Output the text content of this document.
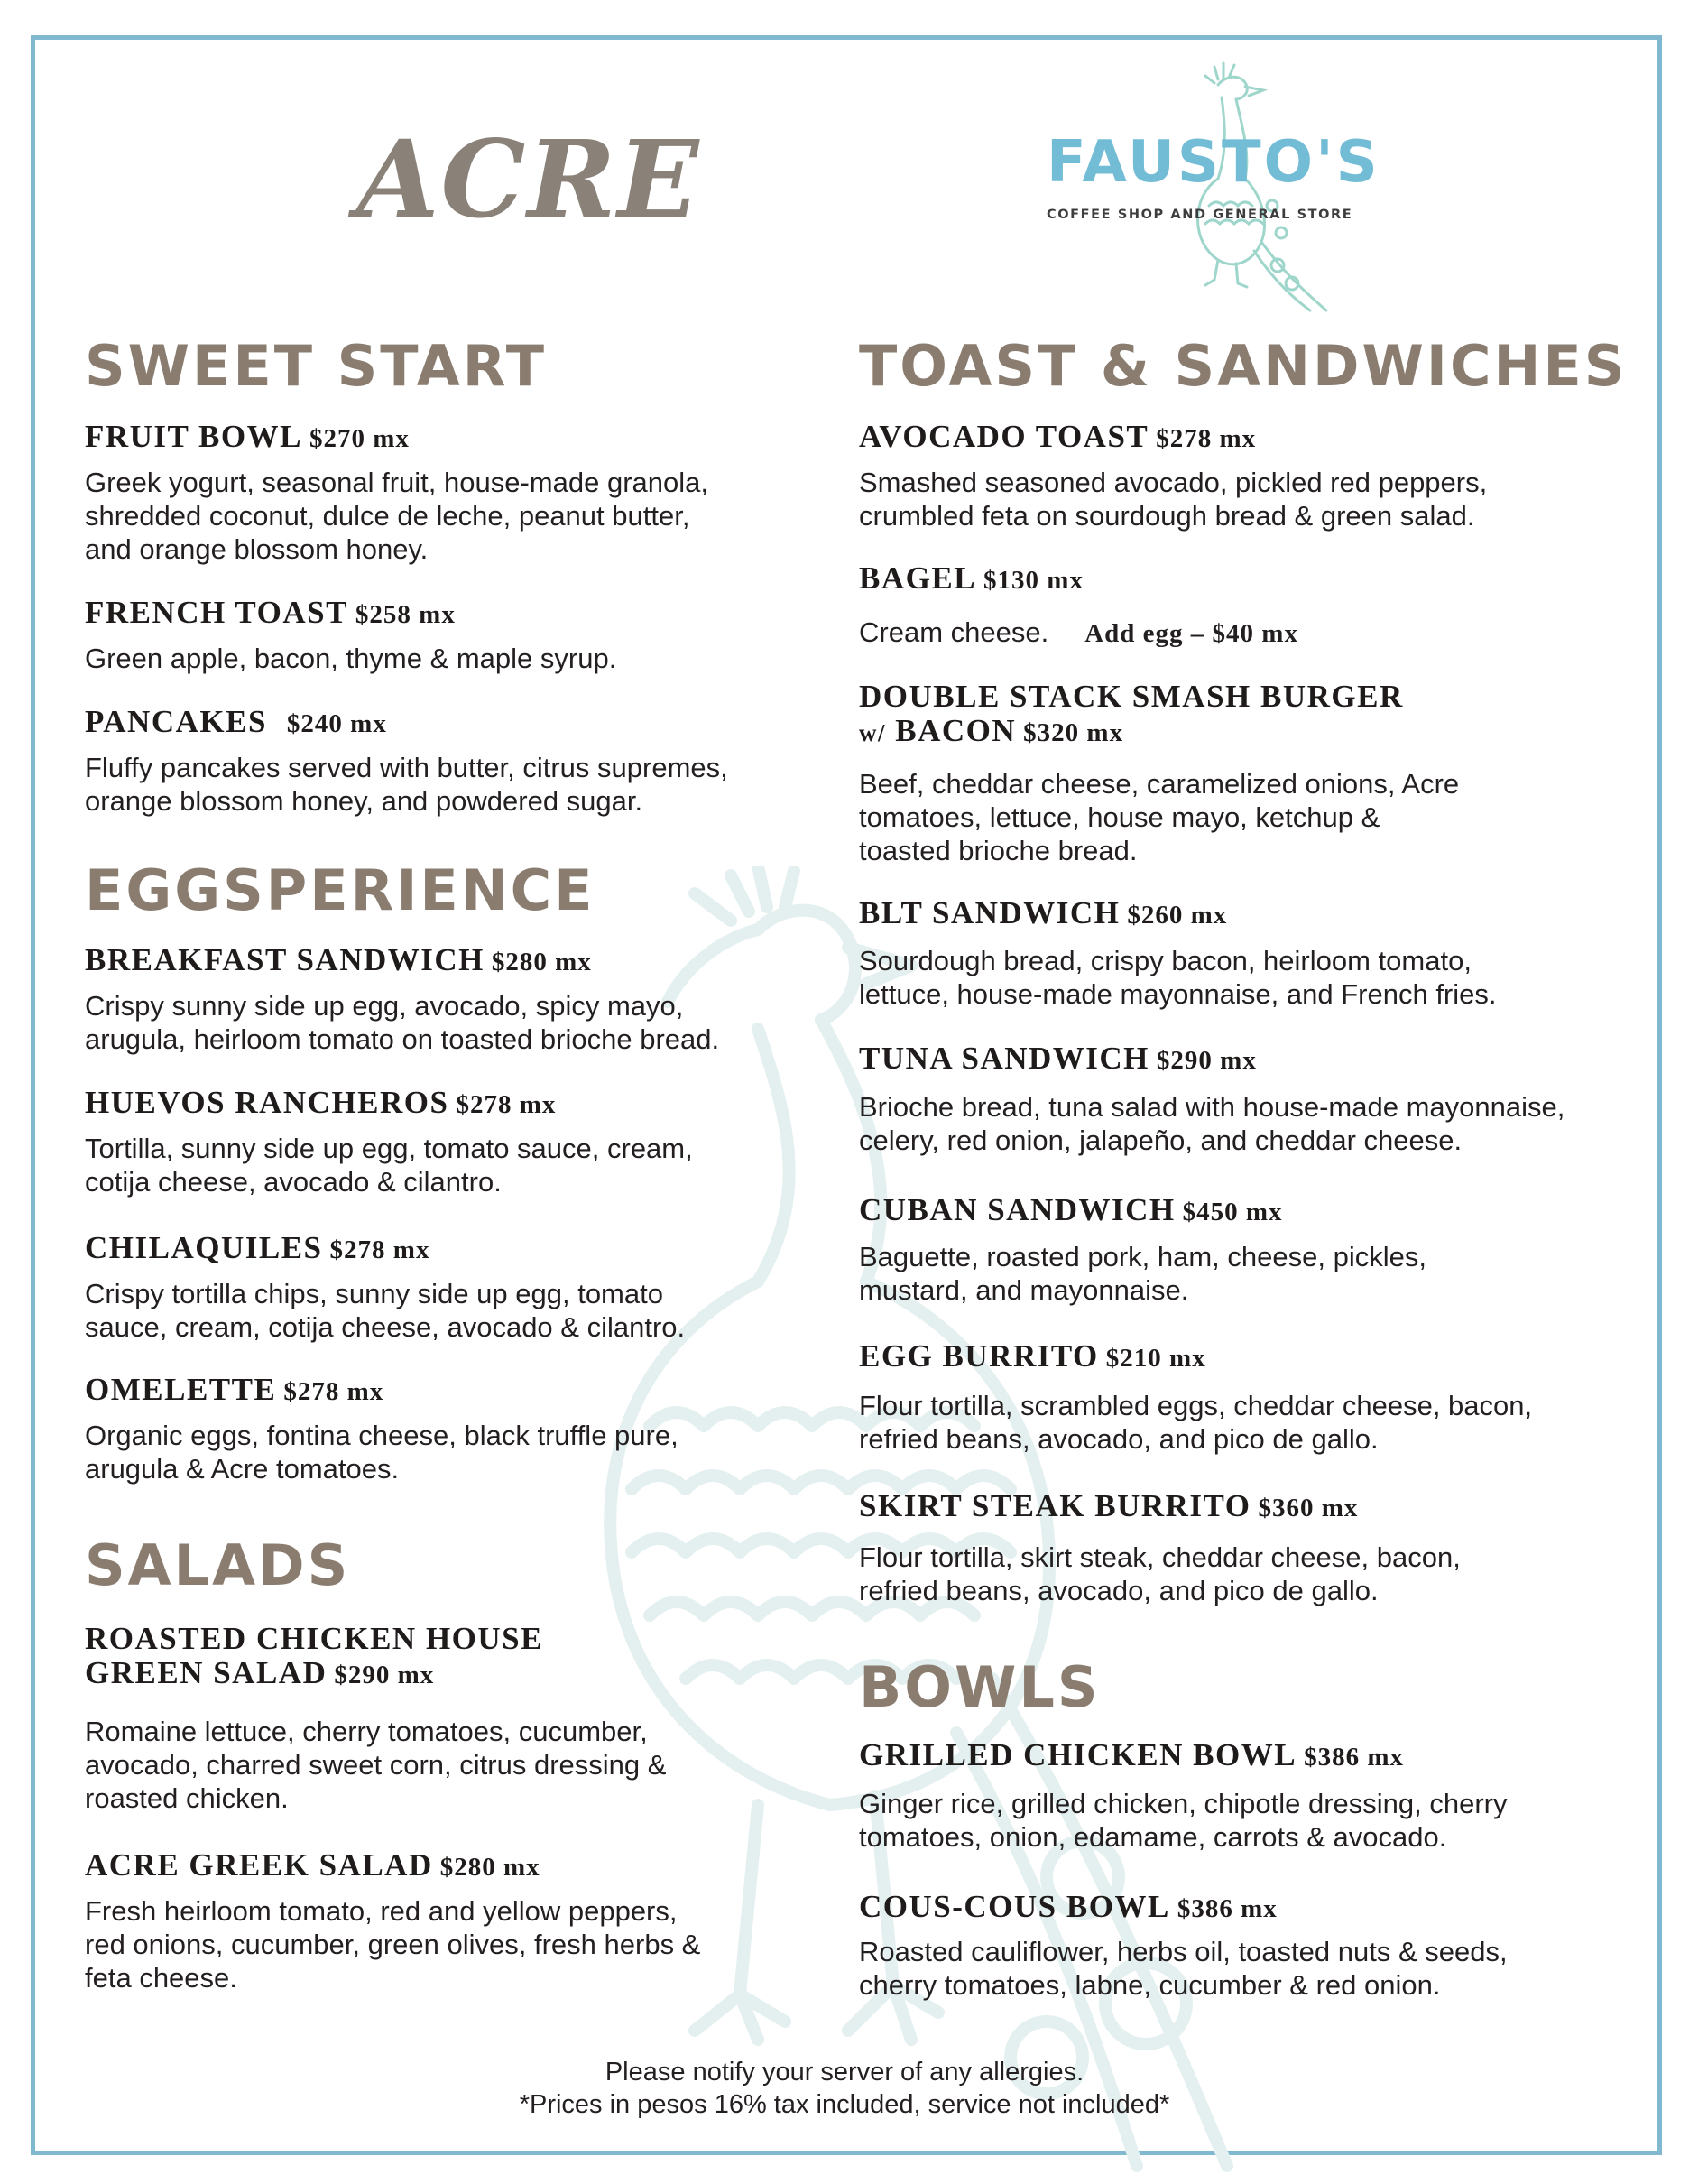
ACRE	FAUSTO'S
COFFEE SHOP AND GENERAL STORE
SWEET START
FRUIT BOWL $270 mx
Greek yogurt, seasonal fruit, house-made granola,
shredded coconut, dulce de leche, peanut butter,
and orange blossom honey.
FRENCH TOAST $258 mx
Green apple, bacon, thyme & maple syrup.
PANCAKES $240 mx
Fluffy pancakes served with butter, citrus supremes,
orange blossom honey, and powdered sugar.
EGGSPERIENCE
BREAKFAST SANDWICH $280 mx
Crispy sunny side up egg, avocado, spicy mayo,
arugula, heirloom tomato on toasted brioche bread.
HUEVOS RANCHEROS $278 mx
Tortilla, sunny side up egg, tomato sauce, cream,
cotija cheese, avocado & cilantro.
CHILAQUILES $278 mx
Crispy tortilla chips, sunny side up egg, tomato
sauce, cream, cotija cheese, avocado & cilantro.
OMELETTE $278 mx
Organic eggs, fontina cheese, black truffle pure,
arugula & Acre tomatoes.
SALADS
ROASTED CHICKEN HOUSE
GREEN SALAD $290 mx
Romaine lettuce, cherry tomatoes, cucumber,
avocado, charred sweet corn, citrus dressing &
roasted chicken.
ACRE GREEK SALAD $280 mx
Fresh heirloom tomato, red and yellow peppers,
red onions, cucumber, green olives, fresh herbs &
feta cheese.
TOAST & SANDWICHES
AVOCADO TOAST $278 mx
Smashed seasoned avocado, pickled red peppers,
crumbled feta on sourdough bread & green salad.
BAGEL $130 mx
Cream cheese. Add egg – $40 mx
DOUBLE STACK SMASH BURGER
w/ BACON $320 mx
Beef, cheddar cheese, caramelized onions, Acre
tomatoes, lettuce, house mayo, ketchup &
toasted brioche bread.
BLT SANDWICH $260 mx
Sourdough bread, crispy bacon, heirloom tomato,
lettuce, house-made mayonnaise, and French fries.
TUNA SANDWICH $290 mx
Brioche bread, tuna salad with house-made mayonnaise,
celery, red onion, jalapeño, and cheddar cheese.
CUBAN SANDWICH $450 mx
Baguette, roasted pork, ham, cheese, pickles,
mustard, and mayonnaise.
EGG BURRITO $210 mx
Flour tortilla, scrambled eggs, cheddar cheese, bacon,
refried beans, avocado, and pico de gallo.
SKIRT STEAK BURRITO $360 mx
Flour tortilla, skirt steak, cheddar cheese, bacon,
refried beans, avocado, and pico de gallo.
BOWLS
GRILLED CHICKEN BOWL $386 mx
Ginger rice, grilled chicken, chipotle dressing, cherry
tomatoes, onion, edamame, carrots & avocado.
COUS-COUS BOWL $386 mx
Roasted cauliflower, herbs oil, toasted nuts & seeds,
cherry tomatoes, labne, cucumber & red onion.
Please notify your server of any allergies.
*Prices in pesos 16% tax included, service not included*
